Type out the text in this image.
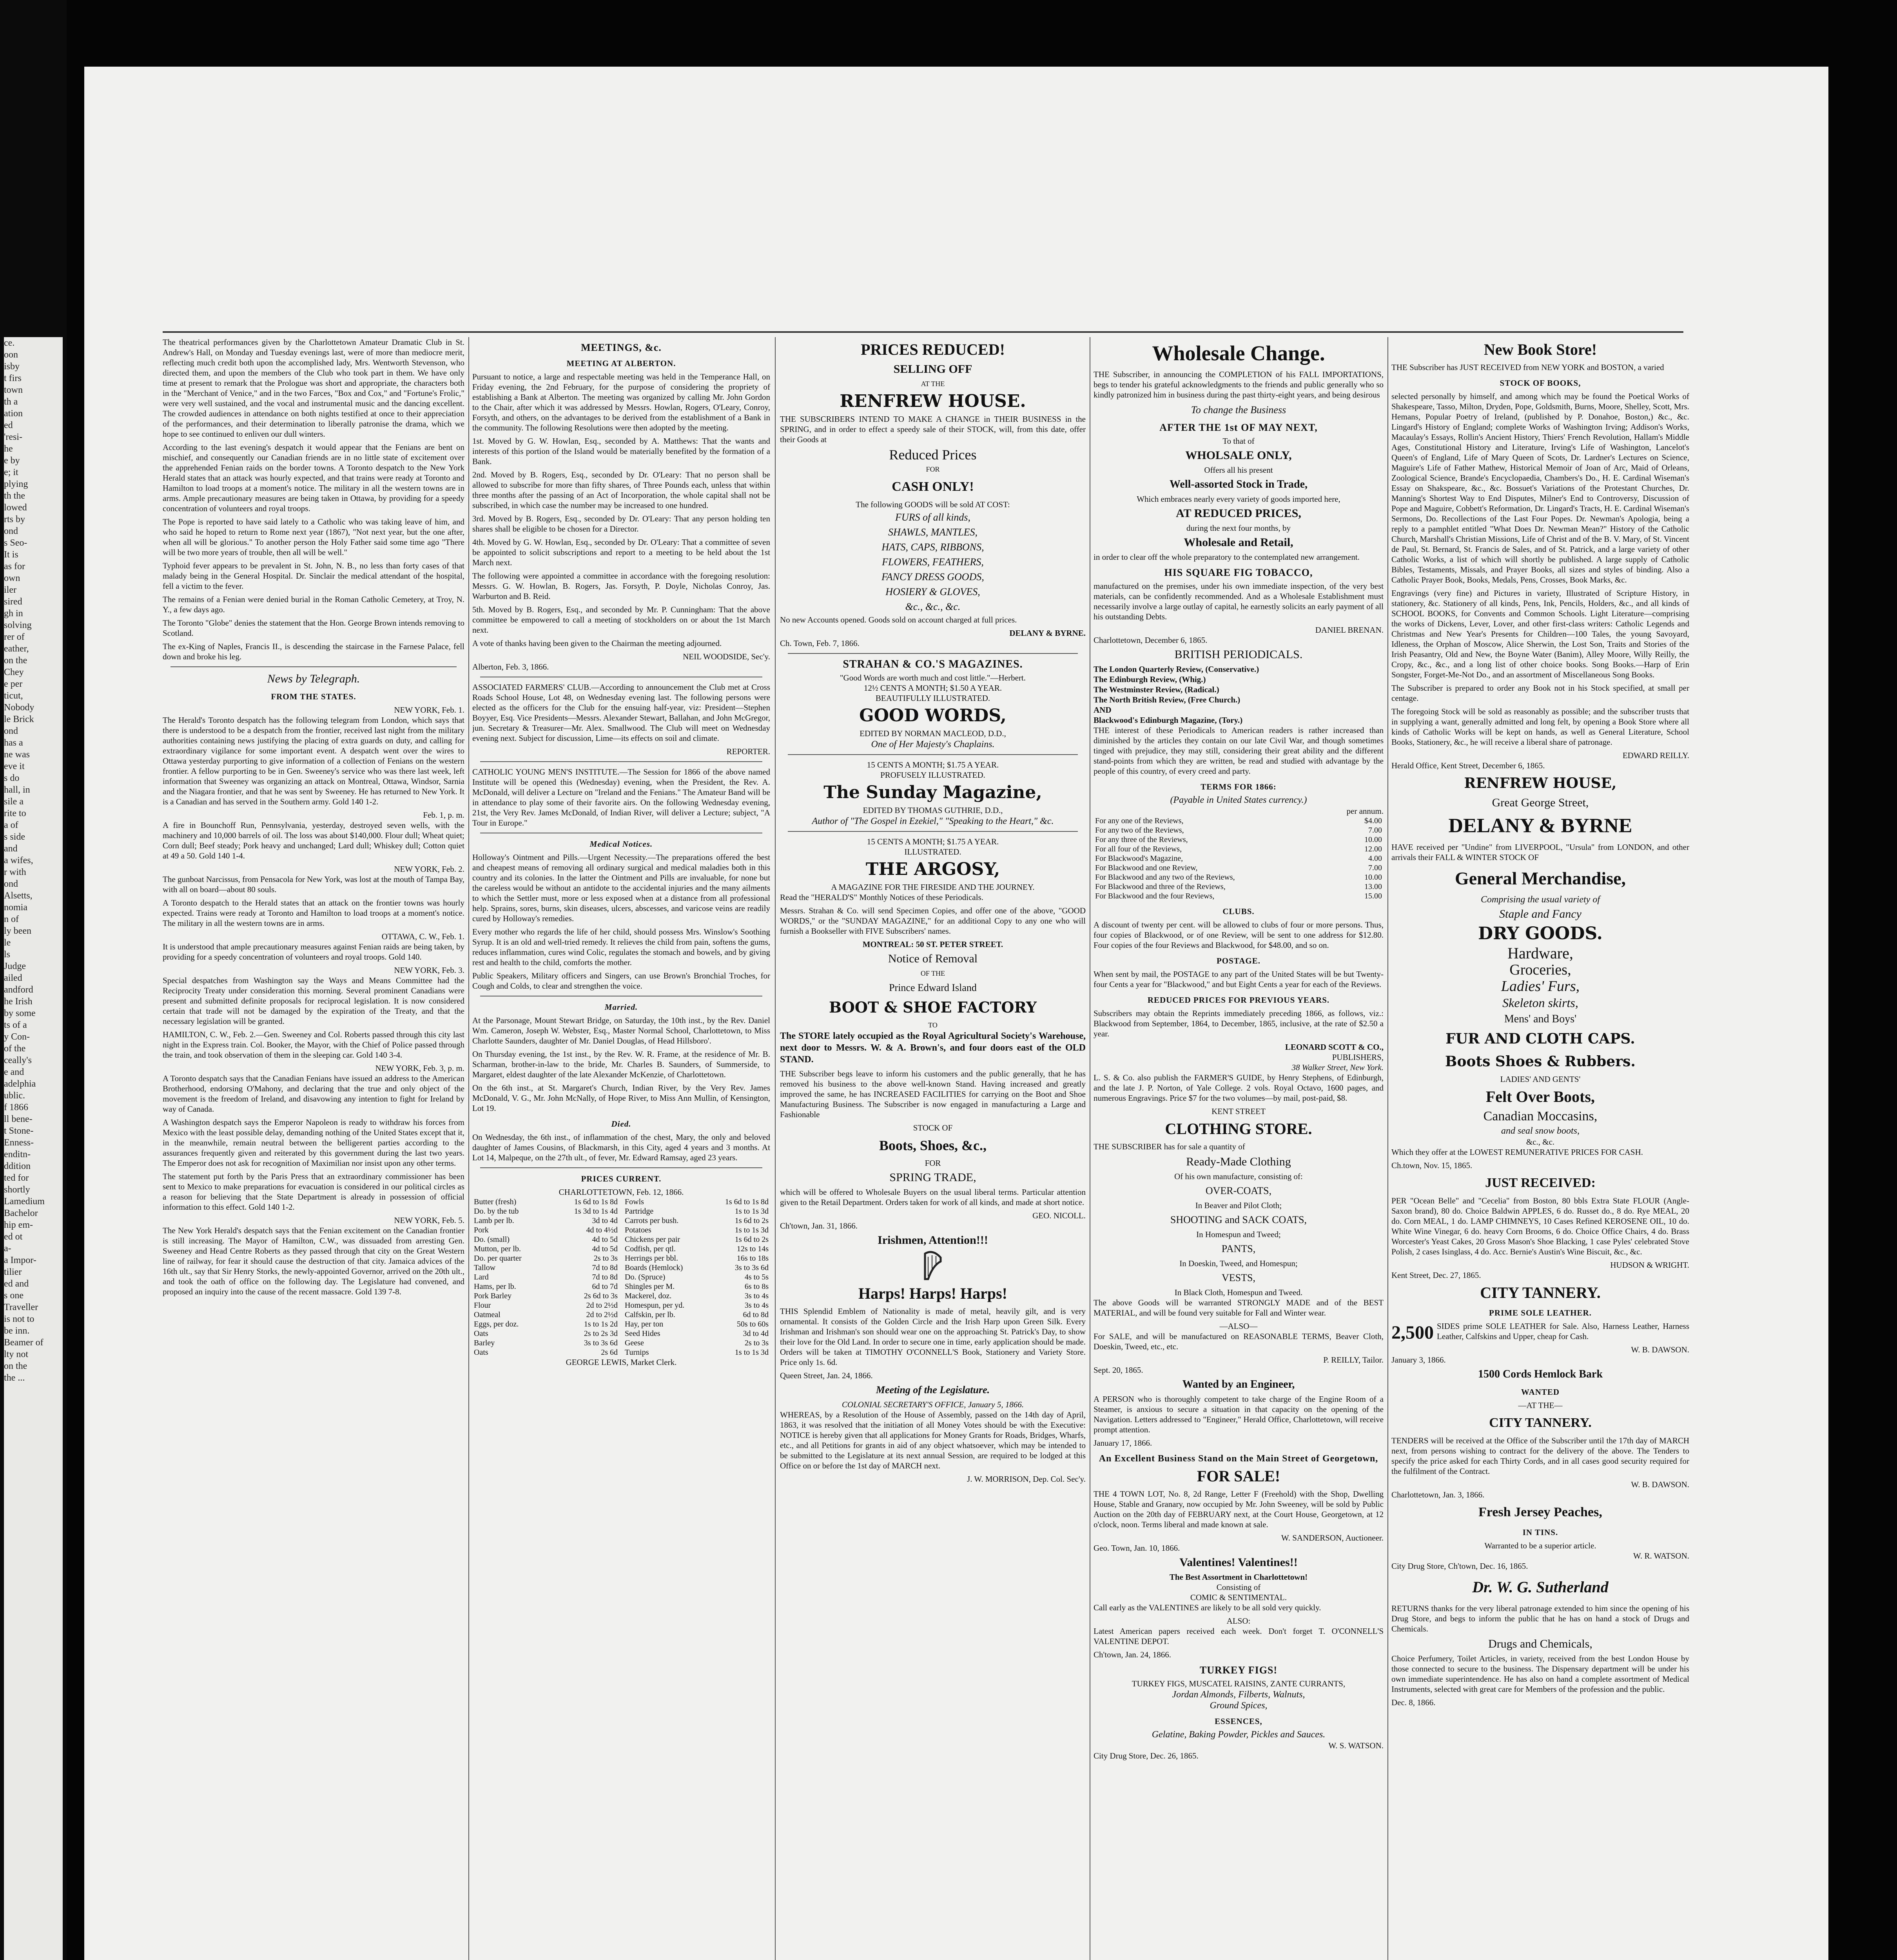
ce.
oon
isby
t firs
town
th a
ation
ed
'resi-
he
e by
e; it
plying
th the
lowed
rts by
ond
s Seo-
It is
as for
own
iler
sired
gh in
solving
rer of
eather,
on the
Chey
e per
ticut,
Nobody
le Brick
ond
has a
ne was
eve it
s do
hall, in
sile a
rite to
a of
s side
and
a wifes,
r with
ond
Alsetts,
nomia
n of
ly been
le
ls
Judge
ailed
andford
he Irish
by some
ts of a
y Con-
of the
ceally's
e and
adelphia
ublic.
f 1866
ll bene-
t Stone-
Enness-
enditn-
ddition
ted for
shortly
Lamedium
Bachelor
hip em-
ed ot
a-
a Impor-
tilier
ed and
s one
Traveller
is not to
be inn.
Beamer of
lty not
on the
the ...

The theatrical performances given by the Charlottetown Amateur Dramatic Club in St. Andrew's Hall, on Monday and Tuesday evenings last, were of more than mediocre merit, reflecting much credit both upon the accomplished lady, Mrs. Wentworth Stevenson, who directed them, and upon the members of the Club who took part in them. We have only time at present to remark that the Prologue was short and appropriate, the characters both in the "Merchant of Venice," and in the two Farces, "Box and Cox," and "Fortune's Frolic," were very well sustained, and the vocal and instrumental music and the dancing excellent. The crowded audiences in attendance on both nights testified at once to their appreciation of the performances, and their determination to liberally patronise the drama, which we hope to see continued to enliven our dull winters.

According to the last evening's despatch it would appear that the Fenians are bent on mischief, and consequently our Canadian friends are in no little state of excitement over the apprehended Fenian raids on the border towns. A Toronto despatch to the New York Herald states that an attack was hourly expected, and that trains were ready at Toronto and Hamilton to load troops at a moment's notice. The military in all the western towns are in arms. Ample precautionary measures are being taken in Ottawa, by providing for a speedy concentration of volunteers and royal troops.

The Pope is reported to have said lately to a Catholic who was taking leave of him, and who said he hoped to return to Rome next year (1867), "Not next year, but the one after, when all will be glorious." To another person the Holy Father said some time ago "There will be two more years of trouble, then all will be well."

Typhoid fever appears to be prevalent in St. John, N. B., no less than forty cases of that malady being in the General Hospital. Dr. Sinclair the medical attendant of the hospital, fell a victim to the fever.

The remains of a Fenian were denied burial in the Roman Catholic Cemetery, at Troy, N. Y., a few days ago.

The Toronto "Globe" denies the statement that the Hon. George Brown intends removing to Scotland.

The ex-King of Naples, Francis II., is descending the staircase in the Farnese Palace, fell down and broke his leg.

News by Telegraph.
FROM THE STATES.
NEW YORK, Feb. 1.

The Herald's Toronto despatch has the following telegram from London, which says that there is understood to be a despatch from the frontier, received last night from the military authorities containing news justifying the placing of extra guards on duty, and calling for extraordinary vigilance for some important event. A despatch went over the wires to Ottawa yesterday purporting to give information of a collection of Fenians on the western frontier. A fellow purporting to be in Gen. Sweeney's service who was there last week, left information that Sweeney was organizing an attack on Montreal, Ottawa, Windsor, Sarnia and the Niagara frontier, and that he was sent by Sweeney. He has returned to New York. It is a Canadian and has served in the Southern army. Gold 140 1-2.

Feb. 1, p. m.

A fire in Bounchoff Run, Pennsylvania, yesterday, destroyed seven wells, with the machinery and 10,000 barrels of oil. The loss was about $140,000. Flour dull; Wheat quiet; Corn dull; Beef steady; Pork heavy and unchanged; Lard dull; Whiskey dull; Cotton quiet at 49 a 50. Gold 140 1-4.

NEW YORK, Feb. 2.

The gunboat Narcissus, from Pensacola for New York, was lost at the mouth of Tampa Bay, with all on board—about 80 souls.

A Toronto despatch to the Herald states that an attack on the frontier towns was hourly expected. Trains were ready at Toronto and Hamilton to load troops at a moment's notice. The military in all the western towns are in arms.

OTTAWA, C. W., Feb. 1.

It is understood that ample precautionary measures against Fenian raids are being taken, by providing for a speedy concentration of volunteers and royal troops. Gold 140.

NEW YORK, Feb. 3.

Special despatches from Washington say the Ways and Means Committee had the Reciprocity Treaty under consideration this morning. Several prominent Canadians were present and submitted definite proposals for reciprocal legislation. It is now considered certain that trade will not be damaged by the expiration of the Treaty, and that the necessary legislation will be granted.

HAMILTON, C. W., Feb. 2.—Gen. Sweeney and Col. Roberts passed through this city last night in the Express train. Col. Booker, the Mayor, with the Chief of Police passed through the train, and took observation of them in the sleeping car. Gold 140 3-4.

NEW YORK, Feb. 3, p. m.

A Toronto despatch says that the Canadian Fenians have issued an address to the American Brotherhood, endorsing O'Mahony, and declaring that the true and only object of the movement is the freedom of Ireland, and disavowing any intention to fight for Ireland by way of Canada.

A Washington despatch says the Emperor Napoleon is ready to withdraw his forces from Mexico with the least possible delay, demanding nothing of the United States except that it, in the meanwhile, remain neutral between the belligerent parties according to the assurances frequently given and reiterated by this government during the last two years. The Emperor does not ask for recognition of Maximilian nor insist upon any other terms.

The statement put forth by the Paris Press that an extraordinary commissioner has been sent to Mexico to make preparations for evacuation is considered in our political circles as a reason for believing that the State Department is already in possession of official information to this effect. Gold 140 1-2.

NEW YORK, Feb. 5.

The New York Herald's despatch says that the Fenian excitement on the Canadian frontier is still increasing. The Mayor of Hamilton, C.W., was dissuaded from arresting Gen. Sweeney and Head Centre Roberts as they passed through that city on the Great Western line of railway, for fear it should cause the destruction of that city. Jamaica advices of the 16th ult., say that Sir Henry Storks, the newly-appointed Governor, arrived on the 20th ult., and took the oath of office on the following day. The Legislature had convened, and proposed an inquiry into the cause of the recent massacre. Gold 139 7-8.

MEETINGS, &c.
MEETING AT ALBERTON.

Pursuant to notice, a large and respectable meeting was held in the Temperance Hall, on Friday evening, the 2nd February, for the purpose of considering the propriety of establishing a Bank at Alberton. The meeting was organized by calling Mr. John Gordon to the Chair, after which it was addressed by Messrs. Howlan, Rogers, O'Leary, Conroy, Forsyth, and others, on the advantages to be derived from the establishment of a Bank in the community. The following Resolutions were then adopted by the meeting.

1st. Moved by G. W. Howlan, Esq., seconded by A. Matthews: That the wants and interests of this portion of the Island would be materially benefited by the formation of a Bank.

2nd. Moved by B. Rogers, Esq., seconded by Dr. O'Leary: That no person shall be allowed to subscribe for more than fifty shares, of Three Pounds each, unless that within three months after the passing of an Act of Incorporation, the whole capital shall not be subscribed, in which case the number may be increased to one hundred.

3rd. Moved by B. Rogers, Esq., seconded by Dr. O'Leary: That any person holding ten shares shall be eligible to be chosen for a Director.

4th. Moved by G. W. Howlan, Esq., seconded by Dr. O'Leary: That a committee of seven be appointed to solicit subscriptions and report to a meeting to be held about the 1st March next.

The following were appointed a committee in accordance with the foregoing resolution: Messrs. G. W. Howlan, B. Rogers, Jas. Forsyth, P. Doyle, Nicholas Conroy, Jas. Warburton and B. Reid.

5th. Moved by B. Rogers, Esq., and seconded by Mr. P. Cunningham: That the above committee be empowered to call a meeting of stockholders on or about the 1st March next.

A vote of thanks having been given to the Chairman the meeting adjourned.

NEIL WOODSIDE, Sec'y.
Alberton, Feb. 3, 1866.

ASSOCIATED FARMERS' CLUB.—According to announcement the Club met at Cross Roads School House, Lot 48, on Wednesday evening last. The following persons were elected as the officers for the Club for the ensuing half-year, viz: President—Stephen Boyyer, Esq. Vice Presidents—Messrs. Alexander Stewart, Ballahan, and John McGregor, jun. Secretary & Treasurer—Mr. Alex. Smallwood. The Club will meet on Wednesday evening next. Subject for discussion, Lime—its effects on soil and climate.

REPORTER.

CATHOLIC YOUNG MEN'S INSTITUTE.—The Session for 1866 of the above named Institute will be opened this (Wednesday) evening, when the President, the Rev. A. McDonald, will deliver a Lecture on "Ireland and the Fenians." The Amateur Band will be in attendance to play some of their favorite airs. On the following Wednesday evening, 21st, the Very Rev. James McDonald, of Indian River, will deliver a Lecture; subject, "A Tour in Europe."

Medical Notices.

Holloway's Ointment and Pills.—Urgent Necessity.—The preparations offered the best and cheapest means of removing all ordinary surgical and medical maladies both in this country and its colonies. In the latter the Ointment and Pills are invaluable, for none but the careless would be without an antidote to the accidental injuries and the many ailments to which the Settler must, more or less exposed when at a distance from all professional help. Sprains, sores, burns, skin diseases, ulcers, abscesses, and varicose veins are readily cured by Holloway's remedies.

Every mother who regards the life of her child, should possess Mrs. Winslow's Soothing Syrup. It is an old and well-tried remedy. It relieves the child from pain, softens the gums, reduces inflammation, cures wind Colic, regulates the stomach and bowels, and by giving rest and health to the child, comforts the mother.

Public Speakers, Military officers and Singers, can use Brown's Bronchial Troches, for Cough and Colds, to clear and strengthen the voice.

Married.

At the Parsonage, Mount Stewart Bridge, on Saturday, the 10th inst., by the Rev. Daniel Wm. Cameron, Joseph W. Webster, Esq., Master Normal School, Charlottetown, to Miss Charlotte Saunders, daughter of Mr. Daniel Douglas, of Head Hillsboro'.

On Thursday evening, the 1st inst., by the Rev. W. R. Frame, at the residence of Mr. B. Scharman, brother-in-law to the bride, Mr. Charles B. Saunders, of Summerside, to Margaret, eldest daughter of the late Alexander McKenzie, of Charlottetown.

On the 6th inst., at St. Margaret's Church, Indian River, by the Very Rev. James McDonald, V. G., Mr. John McNally, of Hope River, to Miss Ann Mullin, of Kensington, Lot 19.

Died.

On Wednesday, the 6th inst., of inflammation of the chest, Mary, the only and beloved daughter of James Cousins, of Blackmarsh, in this City, aged 4 years and 3 months. At Lot 14, Malpeque, on the 27th ult., of fever, Mr. Edward Ramsay, aged 23 years.

PRICES CURRENT.
CHARLOTTETOWN, Feb. 12, 1866.
Butter (fresh)	1s 6d to 1s 8d
Do. by the tub	1s 3d to 1s 4d
Lamb per lb.	3d to 4d
Pork	4d to 4½d
Do. (small)	4d to 5d
Mutton, per lb.	4d to 5d
Do. per quarter	2s to 3s
Tallow	7d to 8d
Lard	7d to 8d
Hams, per lb.	6d to 7d
Pork Barley	2s 6d to 3s
Flour	2d to 2½d
Oatmeal	2d to 2½d
Eggs, per doz.	1s to 1s 2d
Oats	2s to 2s 3d
Barley	3s to 3s 6d
Oats	2s 6d
Fowls	1s 6d to 1s 8d
Partridge	1s to 1s 3d
Carrots per bush.	1s 6d to 2s
Potatoes	1s to 1s 3d
Chickens per pair	1s 6d to 2s
Codfish, per qtl.	12s to 14s
Herrings per bbl.	16s to 18s
Boards (Hemlock)	3s to 3s 6d
Do. (Spruce)	4s to 5s
Shingles per M.	6s to 8s
Mackerel, doz.	3s to 4s
Homespun, per yd.	3s to 4s
Calfskin, per lb.	6d to 8d
Hay, per ton	50s to 60s
Seed Hides	3d to 4d
Geese	2s to 3s
Turnips	1s to 1s 3d
GEORGE LEWIS, Market Clerk.
PRICES REDUCED!
SELLING OFF
AT THE
RENFREW HOUSE.

THE SUBSCRIBERS INTEND TO MAKE A CHANGE in THEIR BUSINESS in the SPRING, and in order to effect a speedy sale of their STOCK, will, from this date, offer their Goods at

Reduced Prices
FOR
CASH ONLY!
The following GOODS will be sold AT COST:
FURS of all kinds,
SHAWLS, MANTLES,
HATS, CAPS, RIBBONS,
FLOWERS, FEATHERS,
FANCY DRESS GOODS,
HOSIERY & GLOVES,
&c., &c., &c.

No new Accounts opened. Goods sold on account charged at full prices.

DELANY & BYRNE.
Ch. Town, Feb. 7, 1866.
STRAHAN & CO.'S MAGAZINES.
"Good Words are worth much and cost little."—Herbert.
12½ CENTS A MONTH; $1.50 A YEAR.
BEAUTIFULLY ILLUSTRATED.
GOOD WORDS,
EDITED BY NORMAN MACLEOD, D.D.,
One of Her Majesty's Chaplains.
15 CENTS A MONTH; $1.75 A YEAR.
PROFUSELY ILLUSTRATED.
The Sunday Magazine,
EDITED BY THOMAS GUTHRIE, D.D.,
Author of "The Gospel in Ezekiel," "Speaking to the Heart," &c.
15 CENTS A MONTH; $1.75 A YEAR.
ILLUSTRATED.
THE ARGOSY,
A MAGAZINE FOR THE FIRESIDE AND THE JOURNEY.

Read the "HERALD'S" Monthly Notices of these Periodicals.

Messrs. Strahan & Co. will send Specimen Copies, and offer one of the above, "GOOD WORDS," or the "SUNDAY MAGAZINE," for an additional Copy to any one who will furnish a Bookseller with FIVE Subscribers' names.

MONTREAL: 50 ST. PETER STREET.
Notice of Removal
OF THE
Prince Edward Island
BOOT & SHOE FACTORY
TO

The STORE lately occupied as the Royal Agricultural Society's Warehouse, next door to Messrs. W. & A. Brown's, and four doors east of the OLD STAND.

THE Subscriber begs leave to inform his customers and the public generally, that he has removed his business to the above well-known Stand. Having increased and greatly improved the same, he has INCREASED FACILITIES for carrying on the Boot and Shoe Manufacturing Business. The Subscriber is now engaged in manufacturing a Large and Fashionable

STOCK OF
Boots, Shoes, &c.,
FOR
SPRING TRADE,

which will be offered to Wholesale Buyers on the usual liberal terms. Particular attention given to the Retail Department. Orders taken for work of all kinds, and made at short notice.

GEO. NICOLL.
Ch'town, Jan. 31, 1866.
Irishmen, Attention!!!
Harps! Harps! Harps!

THIS Splendid Emblem of Nationality is made of metal, heavily gilt, and is very ornamental. It consists of the Golden Circle and the Irish Harp upon Green Silk. Every Irishman and Irishman's son should wear one on the approaching St. Patrick's Day, to show their love for the Old Land. In order to secure one in time, early application should be made. Orders will be taken at TIMOTHY O'CONNELL'S Book, Stationery and Variety Store. Price only 1s. 6d.

Queen Street, Jan. 24, 1866.
Meeting of the Legislature.
COLONIAL SECRETARY'S OFFICE, January 5, 1866.

WHEREAS, by a Resolution of the House of Assembly, passed on the 14th day of April, 1863, it was resolved that the initiation of all Money Votes should be with the Executive: NOTICE is hereby given that all applications for Money Grants for Roads, Bridges, Wharfs, etc., and all Petitions for grants in aid of any object whatsoever, which may be intended to be submitted to the Legislature at its next annual Session, are required to be lodged at this Office on or before the 1st day of MARCH next.

J. W. MORRISON, Dep. Col. Sec'y.
Wholesale Change.

THE Subscriber, in announcing the COMPLETION of his FALL IMPORTATIONS, begs to tender his grateful acknowledgments to the friends and public generally who so kindly patronized him in business during the past thirty-eight years, and being desirous

To change the Business
AFTER THE 1st OF MAY NEXT,
To that of
WHOLSALE ONLY,
Offers all his present
Well-assorted Stock in Trade,
Which embraces nearly every variety of goods imported here,
AT REDUCED PRICES,
during the next four months, by
Wholesale and Retail,

in order to clear off the whole preparatory to the contemplated new arrangement.

HIS SQUARE FIG TOBACCO,

manufactured on the premises, under his own immediate inspection, of the very best materials, can be confidently recommended. And as a Wholesale Establishment must necessarily involve a large outlay of capital, he earnestly solicits an early payment of all his outstanding Debts.

DANIEL BRENAN.
Charlottetown, December 6, 1865.
BRITISH PERIODICALS.
The London Quarterly Review, (Conservative.)
The Edinburgh Review, (Whig.)
The Westminster Review, (Radical.)
The North British Review, (Free Church.)
AND
Blackwood's Edinburgh Magazine, (Tory.)

THE interest of these Periodicals to American readers is rather increased than diminished by the articles they contain on our late Civil War, and though sometimes tinged with prejudice, they may still, considering their great ability and the different stand-points from which they are written, be read and studied with advantage by the people of this country, of every creed and party.

TERMS FOR 1866:
(Payable in United States currency.)
per annum.
For any one of the Reviews,	$4.00
For any two of the Reviews,	7.00
For any three of the Reviews,	10.00
For all four of the Reviews,	12.00
For Blackwood's Magazine,	4.00
For Blackwood and one Review,	7.00
For Blackwood and any two of the Reviews,	10.00
For Blackwood and three of the Reviews,	13.00
For Blackwood and the four Reviews,	15.00
CLUBS.

A discount of twenty per cent. will be allowed to clubs of four or more persons. Thus, four copies of Blackwood, or of one Review, will be sent to one address for $12.80. Four copies of the four Reviews and Blackwood, for $48.00, and so on.

POSTAGE.

When sent by mail, the POSTAGE to any part of the United States will be but Twenty-four Cents a year for "Blackwood," and but Eight Cents a year for each of the Reviews.

REDUCED PRICES FOR PREVIOUS YEARS.

Subscribers may obtain the Reprints immediately preceding 1866, as follows, viz.: Blackwood from September, 1864, to December, 1865, inclusive, at the rate of $2.50 a year.

LEONARD SCOTT & CO.,
PUBLISHERS,
38 Walker Street, New York.

L. S. & Co. also publish the FARMER'S GUIDE, by Henry Stephens, of Edinburgh, and the late J. P. Norton, of Yale College. 2 vols. Royal Octavo, 1600 pages, and numerous Engravings. Price $7 for the two volumes—by mail, post-paid, $8.

KENT STREET
CLOTHING STORE.

THE SUBSCRIBER has for sale a quantity of

Ready-Made Clothing
Of his own manufacture, consisting of:
OVER-COATS,
In Beaver and Pilot Cloth;
SHOOTING and SACK COATS,
In Homespun and Tweed;
PANTS,
In Doeskin, Tweed, and Homespun;
VESTS,
In Black Cloth, Homespun and Tweed.

The above Goods will be warranted STRONGLY MADE and of the BEST MATERIAL, and will be found very suitable for Fall and Winter wear.

—ALSO—

For SALE, and will be manufactured on REASONABLE TERMS, Beaver Cloth, Doeskin, Tweed, etc., etc.

P. REILLY, Tailor.
Sept. 20, 1865.
Wanted by an Engineer,

A PERSON who is thoroughly competent to take charge of the Engine Room of a Steamer, is anxious to secure a situation in that capacity on the opening of the Navigation. Letters addressed to "Engineer," Herald Office, Charlottetown, will receive prompt attention.

January 17, 1866.
An Excellent Business Stand on the Main Street of Georgetown,
FOR SALE!

THE 4 TOWN LOT, No. 8, 2d Range, Letter F (Freehold) with the Shop, Dwelling House, Stable and Granary, now occupied by Mr. John Sweeney, will be sold by Public Auction on the 20th day of FEBRUARY next, at the Court House, Georgetown, at 12 o'clock, noon. Terms liberal and made known at sale.

W. SANDERSON, Auctioneer.
Geo. Town, Jan. 10, 1866.
Valentines! Valentines!!
The Best Assortment in Charlottetown!
Consisting of
COMIC & SENTIMENTAL.

Call early as the VALENTINES are likely to be all sold very quickly.

ALSO:

Latest American papers received each week. Don't forget T. O'CONNELL'S VALENTINE DEPOT.

Ch'town, Jan. 24, 1866.
TURKEY FIGS!
TURKEY FIGS, MUSCATEL RAISINS, ZANTE CURRANTS,
Jordan Almonds, Filberts, Walnuts,
Ground Spices,
ESSENCES,
Gelatine, Baking Powder, Pickles and Sauces.
W. S. WATSON.
City Drug Store, Dec. 26, 1865.
New Book Store!

THE Subscriber has JUST RECEIVED from NEW YORK and BOSTON, a varied

STOCK OF BOOKS,

selected personally by himself, and among which may be found the Poetical Works of Shakespeare, Tasso, Milton, Dryden, Pope, Goldsmith, Burns, Moore, Shelley, Scott, Mrs. Hemans, Popular Poetry of Ireland, (published by P. Donahoe, Boston,) &c., &c. Lingard's History of England; complete Works of Washington Irving; Addison's Works, Macaulay's Essays, Rollin's Ancient History, Thiers' French Revolution, Hallam's Middle Ages, Constitutional History and Literature, Irving's Life of Washington, Lancelot's Queen's of England, Life of Mary Queen of Scots, Dr. Lardner's Lectures on Science, Maguire's Life of Father Mathew, Historical Memoir of Joan of Arc, Maid of Orleans, Zoological Science, Brande's Encyclopaedia, Chambers's Do., H. E. Cardinal Wiseman's Essay on Shakspeare, &c., &c. Bossuet's Variations of the Protestant Churches, Dr. Manning's Shortest Way to End Disputes, Milner's End to Controversy, Discussion of Pope and Maguire, Cobbett's Reformation, Dr. Lingard's Tracts, H. E. Cardinal Wiseman's Sermons, Do. Recollections of the Last Four Popes. Dr. Newman's Apologia, being a reply to a pamphlet entitled "What Does Dr. Newman Mean?" History of the Catholic Church, Marshall's Christian Missions, Life of Christ and of the B. V. Mary, of St. Vincent de Paul, St. Bernard, St. Francis de Sales, and of St. Patrick, and a large variety of other Catholic Works, a list of which will shortly be published. A large supply of Catholic Bibles, Testaments, Missals, and Prayer Books, all sizes and styles of binding. Also a Catholic Prayer Book, Books, Medals, Pens, Crosses, Book Marks, &c.

Engravings (very fine) and Pictures in variety, Illustrated of Scripture History, in stationery, &c. Stationery of all kinds, Pens, Ink, Pencils, Holders, &c., and all kinds of SCHOOL BOOKS, for Convents and Common Schools. Light Literature—comprising the works of Dickens, Lever, Lover, and other first-class writers: Catholic Legends and Christmas and New Year's Presents for Children—100 Tales, the young Savoyard, Idleness, the Orphan of Moscow, Alice Sherwin, the Lost Son, Traits and Stories of the Irish Peasantry, Old and New, the Boyne Water (Banim), Alley Moore, Willy Reilly, the Cropy, &c., &c., and a long list of other choice books. Song Books.—Harp of Erin Songster, Forget-Me-Not Do., and an assortment of Miscellaneous Song Books.

The Subscriber is prepared to order any Book not in his Stock specified, at small per centage.

The foregoing Stock will be sold as reasonably as possible; and the subscriber trusts that in supplying a want, generally admitted and long felt, by opening a Book Store where all kinds of Catholic Works will be kept on hands, as well as General Literature, School Books, Stationery, &c., he will receive a liberal share of patronage.

EDWARD REILLY.
Herald Office, Kent Street, December 6, 1865.
RENFREW HOUSE,
Great George Street,
DELANY & BYRNE

HAVE received per "Undine" from LIVERPOOL, "Ursula" from LONDON, and other arrivals their FALL & WINTER STOCK OF

General Merchandise,
Comprising the usual variety of
Staple and Fancy
DRY GOODS.
Hardware,
Groceries,
Ladies' Furs,
Skeleton skirts,
Mens' and Boys'
FUR AND CLOTH CAPS.
Boots Shoes & Rubbers.
LADIES' AND GENTS'
Felt Over Boots,
Canadian Moccasins,
and seal snow boots,
&c., &c.

Which they offer at the LOWEST REMUNERATIVE PRICES FOR CASH.

Ch.town, Nov. 15, 1865.
JUST RECEIVED:

PER "Ocean Belle" and "Cecelia" from Boston, 80 bbls Extra State FLOUR (Angle-Saxon brand), 80 do. Choice Baldwin APPLES, 6 do. Russet do., 8 do. Rye MEAL, 20 do. Corn MEAL, 1 do. LAMP CHIMNEYS, 10 Cases Refined KEROSENE OIL, 10 do. White Wine Vinegar, 6 do. heavy Corn Brooms, 6 do. Choice Office Chairs, 4 do. Brass Worcester's Yeast Cakes, 20 Gross Mason's Shoe Blacking, 1 case Pyles' celebrated Stove Polish, 2 cases Isinglass, 4 do. Acc. Bernie's Austin's Wine Biscuit, &c., &c.

HUDSON & WRIGHT.
Kent Street, Dec. 27, 1865.
CITY TANNERY.
PRIME SOLE LEATHER.
2,500 SIDES prime SOLE LEATHER for Sale. Also, Harness Leather, Harness Leather, Calfskins and Upper, cheap for Cash.

W. B. DAWSON.
January 3, 1866.
1500 Cords Hemlock Bark
WANTED
—AT THE—
CITY TANNERY.

TENDERS will be received at the Office of the Subscriber until the 17th day of MARCH next, from persons wishing to contract for the delivery of the above. The Tenders to specify the price asked for each Thirty Cords, and in all cases good security required for the fulfilment of the Contract.

W. B. DAWSON.
Charlottetown, Jan. 3, 1866.
Fresh Jersey Peaches,
IN TINS.
Warranted to be a superior article.
W. R. WATSON.
City Drug Store, Ch'town, Dec. 16, 1865.
Dr. W. G. Sutherland

RETURNS thanks for the very liberal patronage extended to him since the opening of his Drug Store, and begs to inform the public that he has on hand a stock of Drugs and Chemicals.

Drugs and Chemicals,

Choice Perfumery, Toilet Articles, in variety, received from the best London House by those connected to secure to the business. The Dispensary department will be under his own immediate superintendence. He has also on hand a complete assortment of Medical Instruments, selected with great care for Members of the profession and the public.

Dec. 8, 1866.
